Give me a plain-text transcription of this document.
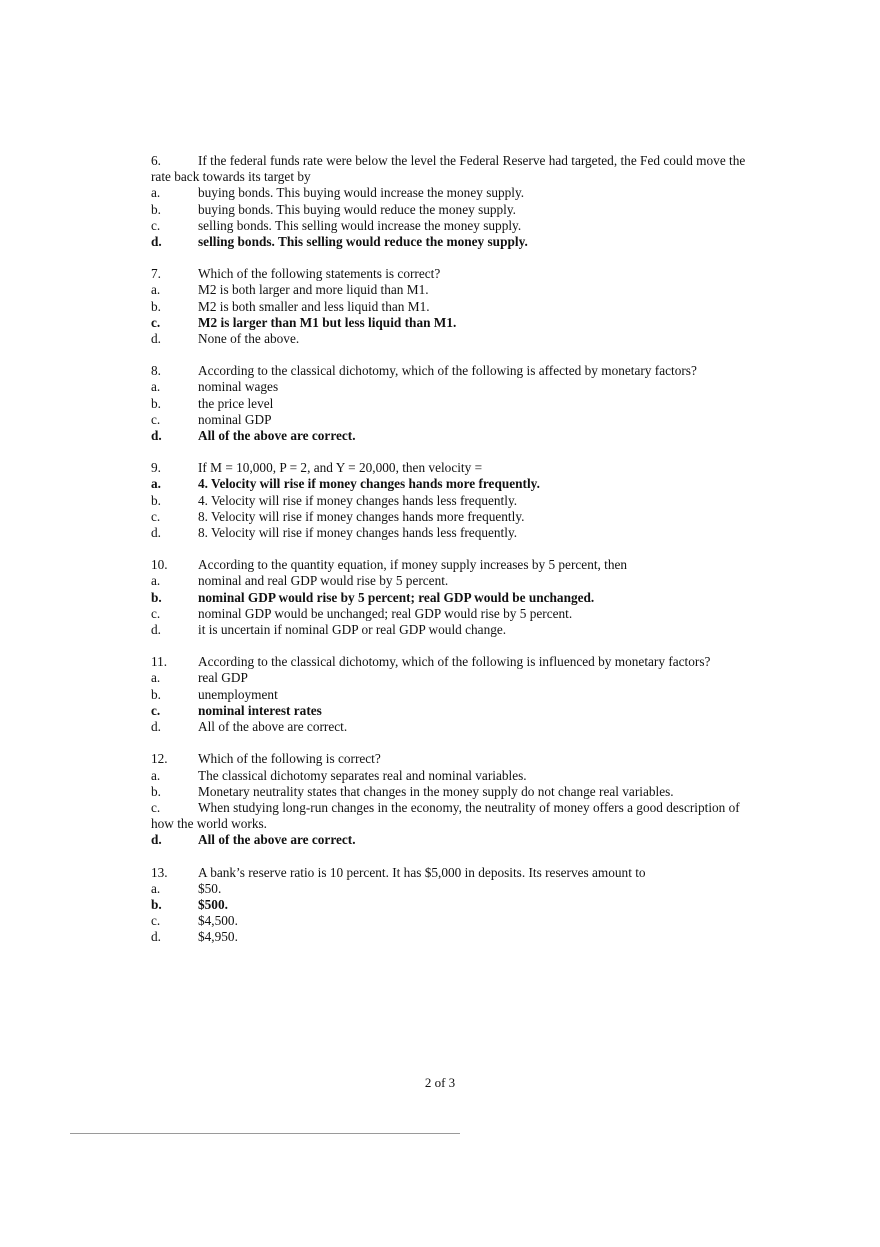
6.	If the federal funds rate were below the level the Federal Reserve had targeted, the Fed could move the rate back towards its target by
a.	buying bonds. This buying would increase the money supply.
b.	buying bonds. This buying would reduce the money supply.
c.	selling bonds. This selling would increase the money supply.
d.	selling bonds. This selling would reduce the money supply.
7.	Which of the following statements is correct?
a.	M2 is both larger and more liquid than M1.
b.	M2 is both smaller and less liquid than M1.
c.	M2 is larger than M1 but less liquid than M1.
d.	None of the above.
8.	According to the classical dichotomy, which of the following is affected by monetary factors?
a.	nominal wages
b.	the price level
c.	nominal GDP
d.	All of the above are correct.
9.	If M = 10,000, P = 2, and Y = 20,000, then velocity =
a.	4. Velocity will rise if money changes hands more frequently.
b.	4. Velocity will rise if money changes hands less frequently.
c.	8. Velocity will rise if money changes hands more frequently.
d.	8. Velocity will rise if money changes hands less frequently.
10.	According to the quantity equation, if money supply increases by 5 percent, then
a.	nominal and real GDP would rise by 5 percent.
b.	nominal GDP would rise by 5 percent; real GDP would be unchanged.
c.	nominal GDP would be unchanged; real GDP would rise by 5 percent.
d.	it is uncertain if nominal GDP or real GDP would change.
11. According to the classical dichotomy, which of the following is influenced by monetary factors?
a.	real GDP
b.	unemployment
c.	nominal interest rates
d.	All of the above are correct.
12.	Which of the following is correct?
a.	The classical dichotomy separates real and nominal variables.
b.	Monetary neutrality states that changes in the money supply do not change real variables.
c.	When studying long-run changes in the economy, the neutrality of money offers a good description of how the world works.
d.	All of the above are correct.
13.	A bank’s reserve ratio is 10 percent. It has $5,000 in deposits. Its reserves amount to
a.	$50.
b.	$500.
c.	$4,500.
d.	$4,950.
2 of 3
